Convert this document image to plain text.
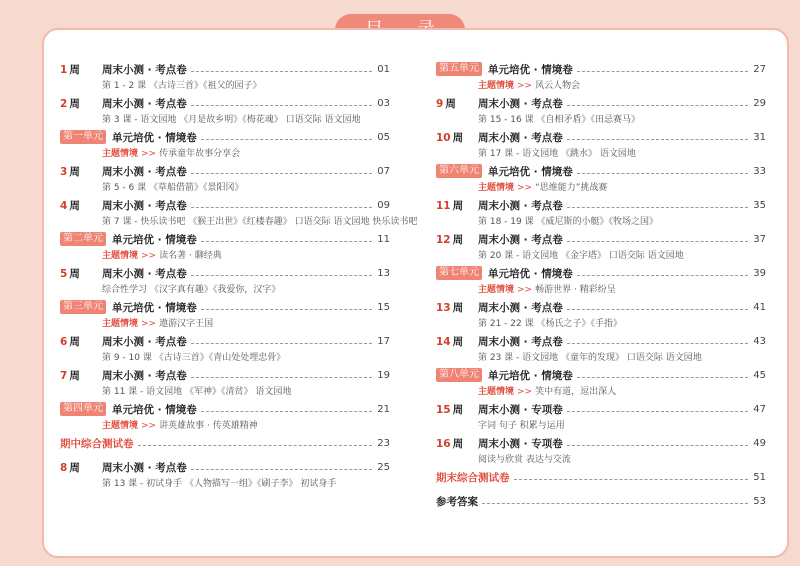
1 周	周末小测 · 考点卷	01
第 1 - 2 课 《古诗三首》《祖父的园子》
2 周	周末小测 · 考点卷	03
第 3 课 - 语文园地 《月是故乡明》《梅花魂》 口语交际 语文园地
第一单元 单元培优 · 情境卷	05
主题情境 >> 传承童年故事分享会
3 周	周末小测 · 考点卷	07
第 5 - 6 课 《草船借箭》《景阳冈》
4 周	周末小测 · 考点卷	09
第 7 课 - 快乐读书吧 《猴王出世》《红楼春趣》 口语交际 语文园地 快乐读书吧
第二单元 单元培优 · 情境卷	11
主题情境 >> 读名著 · 聊经典
5 周	周末小测 · 考点卷	13
综合性学习 《汉字真有趣》《我爱你，汉字》
第三单元 单元培优 · 情境卷	15
主题情境 >> 遨游汉字王国
6 周	周末小测 · 考点卷	17
第 9 - 10 课 《古诗三首》《青山处处埋忠骨》
7 周	周末小测 · 考点卷	19
第 11 课 - 语文园地 《军神》《清贫》 语文园地
第四单元 单元培优 · 情境卷	21
主题情境 >> 讲英雄故事 · 传英雄精神
期中综合测试卷	23
8 周	周末小测 · 考点卷	25
第 13 课 - 初试身手 《人物描写一组》《刷子李》 初试身手
第五单元 单元培优 · 情境卷	27
主题情境 >> 风云人物会
9 周	周末小测 · 考点卷	29
第 15 - 16 课 《自相矛盾》《田忌赛马》
10 周	周末小测 · 考点卷	31
第 17 课 - 语文园地 《跳水》 语文园地
第六单元 单元培优 · 情境卷	33
主题情境 >> “思维能力”挑战赛
11 周	周末小测 · 考点卷	35
第 18 - 19 课 《威尼斯的小艇》《牧场之国》
12 周	周末小测 · 考点卷	37
第 20 课 - 语文园地 《金字塔》 口语交际 语文园地
第七单元 单元培优 · 情境卷	39
主题情境 >> 畅游世界 · 精彩纷呈
13 周	周末小测 · 考点卷	41
第 21 - 22 课 《杨氏之子》《手指》
14 周	周末小测 · 考点卷	43
第 23 课 - 语文园地 《童年的发现》 口语交际 语文园地
第八单元 单元培优 · 情境卷	45
主题情境 >> 笑中有道，逗出深人
15 周	周末小测 · 专项卷	47
字词 句子 积累与运用
16 周	周末小测 · 专项卷	49
阅读与欣赏 表达与交流
期末综合测试卷	51
参考答案	53
